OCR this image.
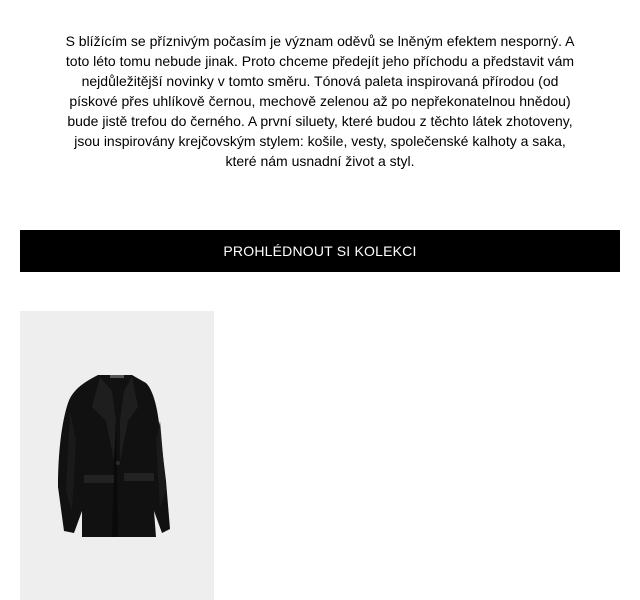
S blížícím se příznivým počasím je význam oděvů se lněným efektem nesporný. A toto léto tomu nebude jinak. Proto chceme předejít jeho příchodu a představit vám nejdůležitější novinky v tomto směru. Tónová paleta inspirovaná přírodou (od pískové přes uhlíkově černou, mechově zelenou až po nepřekonatelnou hnědou) bude jistě trefou do černého. A první siluety, které budou z těchto látek zhotoveny, jsou inspirovány krejčovským stylem: košile, vesty, společenské kalhoty a saka, které nám usnadní život a styl.

PROHLÉDNOUT SI KOLEKCI
